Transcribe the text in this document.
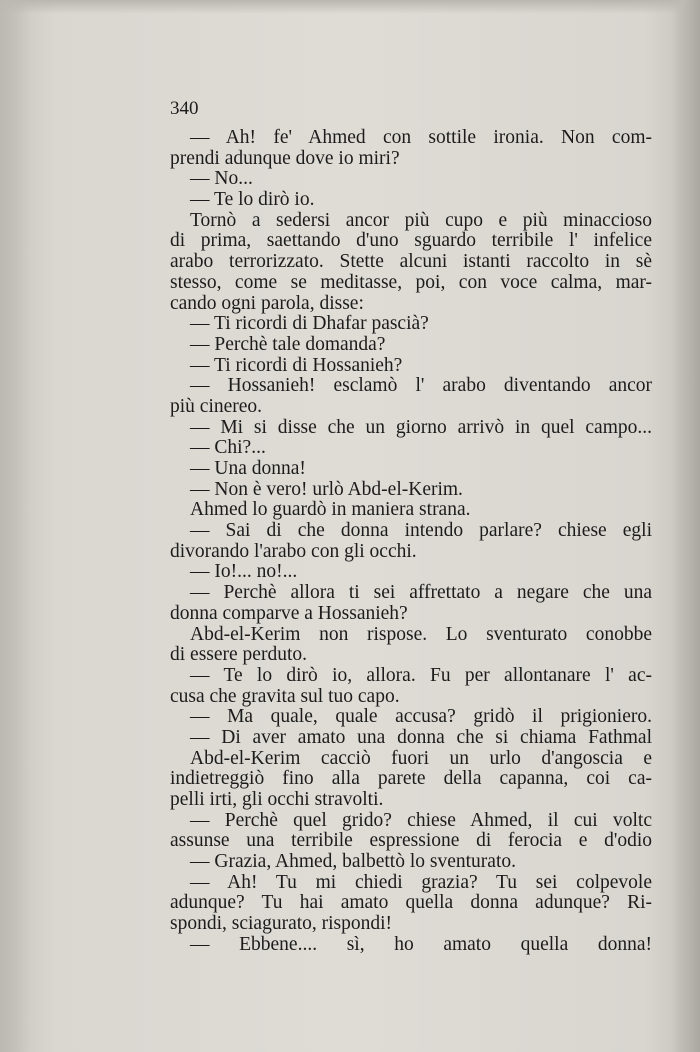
340
— Ah! fe' Ahmed con sottile ironia. Non com-
prendi adunque dove io miri?
— No...
— Te lo dirò io.
Tornò a sedersi ancor più cupo e più minaccioso
di prima, saettando d'uno sguardo terribile l' infelice
arabo terrorizzato. Stette alcuni istanti raccolto in sè
stesso, come se meditasse, poi, con voce calma, mar-
cando ogni parola, disse:
— Ti ricordi di Dhafar pascià?
— Perchè tale domanda?
— Ti ricordi di Hossanieh?
— Hossanieh! esclamò l' arabo diventando ancor
più cinereo.
— Mi si disse che un giorno arrivò in quel campo...
— Chi?...
— Una donna!
— Non è vero! urlò Abd-el-Kerim.
Ahmed lo guardò in maniera strana.
— Sai di che donna intendo parlare? chiese egli
divorando l'arabo con gli occhi.
— Io!... no!...
— Perchè allora ti sei affrettato a negare che una
donna comparve a Hossanieh?
Abd-el-Kerim non rispose. Lo sventurato conobbe
di essere perduto.
— Te lo dirò io, allora. Fu per allontanare l' ac-
cusa che gravita sul tuo capo.
— Ma quale, quale accusa? gridò il prigioniero.
— Di aver amato una donna che si chiama Fathmal
Abd-el-Kerim cacciò fuori un urlo d'angoscia e
indietreggiò fino alla parete della capanna, coi ca-
pelli irti, gli occhi stravolti.
— Perchè quel grido? chiese Ahmed, il cui voltc
assunse una terribile espressione di ferocia e d'odio
— Grazia, Ahmed, balbettò lo sventurato.
— Ah! Tu mi chiedi grazia? Tu sei colpevole
adunque? Tu hai amato quella donna adunque? Ri-
spondi, sciagurato, rispondi!
— Ebbene.... sì, ho amato quella donna!
